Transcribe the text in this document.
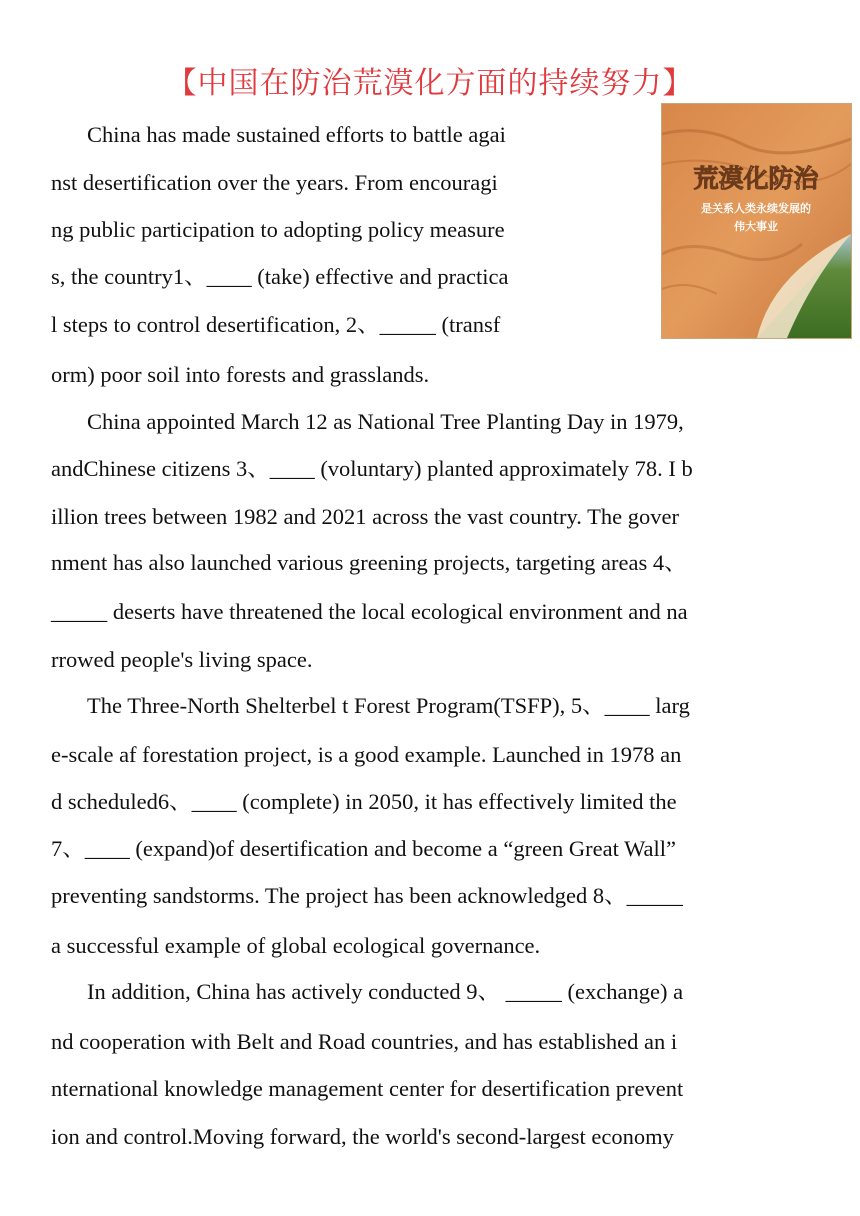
【中国在防治荒漠化方面的持续努力】
荒漠化防治
是关系人类永续发展的
伟大事业
China has made sustained efforts to battle agai
nst desertification over the years. From encouragi
ng public participation to adopting policy measure
s, the country1、____ (take) effective and practica
l steps to control desertification, 2、_____ (transf
orm) poor soil into forests and grasslands.
China appointed March 12 as National Tree Planting Day in 1979,
andChinese citizens 3、____ (voluntary) planted approximately 78. I b
illion trees between 1982 and 2021 across the vast country. The gover
nment has also launched various greening projects, targeting areas 4、
_____ deserts have threatened the local ecological environment and na
rrowed people's living space.
The Three-North Shelterbel t Forest Program(TSFP), 5、____ larg
e-scale af forestation project, is a good example. Launched in 1978 an
d scheduled6、____ (complete) in 2050, it has effectively limited the
7、____ (expand)of desertification and become a “green Great Wall”
preventing sandstorms. The project has been acknowledged 8、_____
a successful example of global ecological governance.
In addition, China has actively conducted 9、 _____ (exchange) a
nd cooperation with Belt and Road countries, and has established an i
nternational knowledge management center for desertification prevent
ion and control.Moving forward, the world's second-largest economy
